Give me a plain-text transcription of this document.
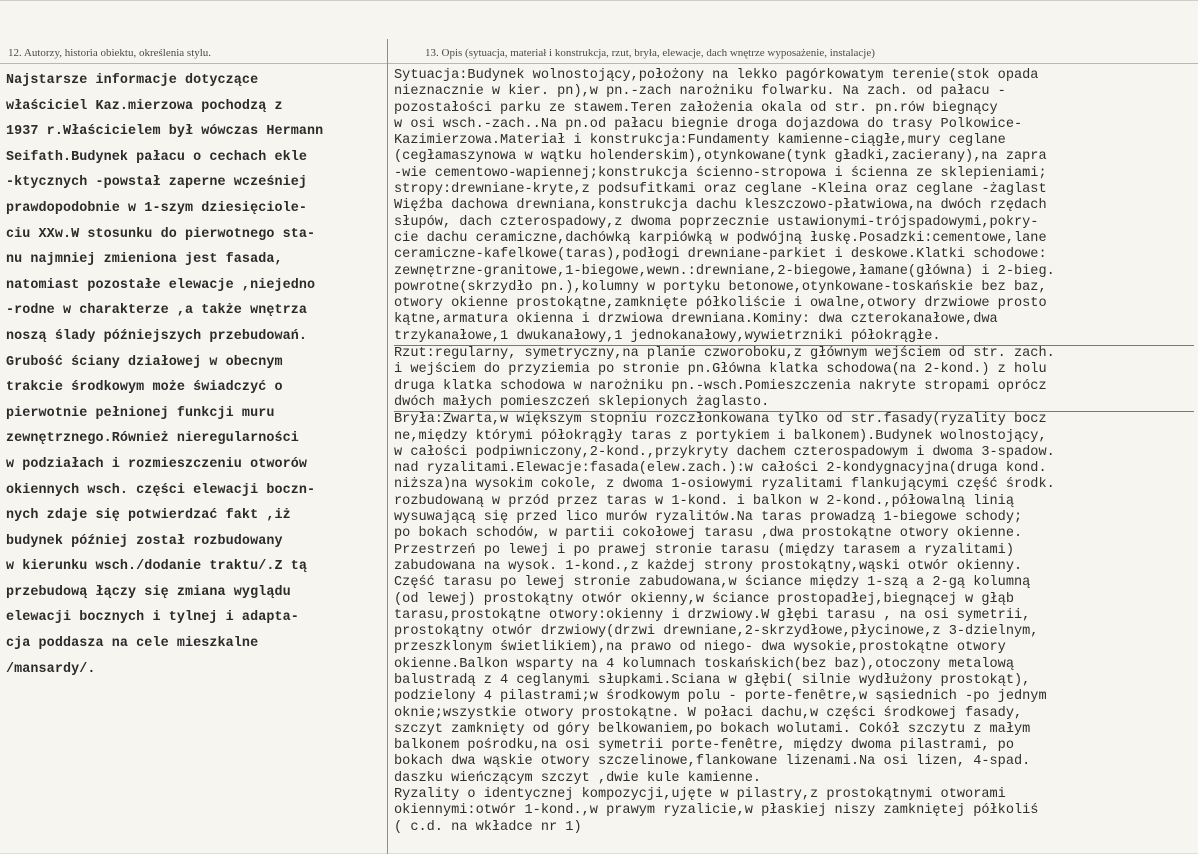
12. Autorzy, historia obiektu, określenia stylu.	13. Opis (sytuacja, materiał i konstrukcja, rzut, bryła, elewacje, dach wnętrze wyposażenie, instalacje)
Najstarsze informacje dotyczące
właściciel Kaz.mierzowa pochodzą z
1937 r.Właścicielem był wówczas Hermann
Seifath.Budynek pałacu o cechach ekle
-ktycznych -powstał zaperne wcześniej
prawdopodobnie w 1-szym dziesięciole-
ciu XXw.W stosunku do pierwotnego sta-
nu najmniej zmieniona jest fasada,
natomiast pozostałe elewacje ,niejedno
-rodne w charakterze ,a także wnętrza
noszą ślady późniejszych przebudowań.
Grubość ściany działowej w obecnym
trakcie środkowym może świadczyć o
pierwotnie pełnionej funkcji muru
zewnętrznego.Również nieregularności
w podziałach i rozmieszczeniu otworów
okiennych wsch. części elewacji boczn-
nych zdaje się potwierdzać fakt ,iż
budynek później został rozbudowany
w kierunku wsch./dodanie traktu/.Z tą
przebudową łączy się zmiana wyglądu
elewacji bocznych i tylnej i adapta-
cja poddasza na cele mieszkalne
/mansardy/.
Sytuacja:Budynek wolnostojący,położony na lekko pagórkowatym terenie(stok opada
nieznacznie w kier. pn),w pn.-zach narożniku folwarku. Na zach. od pałacu -
pozostałości parku ze stawem.Teren założenia okala od str. pn.rów biegnący
w osi wsch.-zach..Na pn.od pałacu biegnie droga dojazdowa do trasy Polkowice-
Kazimierzowa.Materiał i konstrukcja:Fundamenty kamienne-ciągłe,mury ceglane
(cegłamaszynowa w wątku holenderskim),otynkowane(tynk gładki,zacierany),na zapra
-wie cementowo-wapiennej;konstrukcja ścienno-stropowa i ścienna ze sklepieniami;
stropy:drewniane-kryte,z podsufitkami oraz ceglane -Kleina oraz ceglane -żaglast
Więźba dachowa drewniana,konstrukcja dachu kleszczowo-płatwiowa,na dwóch rzędach
słupów, dach czterospadowy,z dwoma poprzecznie ustawionymi-trójspadowymi,pokry-
cie dachu ceramiczne,dachówką karpiówką w podwójną łuskę.Posadzki:cementowe,lane
ceramiczne-kafelkowe(taras),podłogi drewniane-parkiet i deskowe.Klatki schodowe:
zewnętrzne-granitowe,1-biegowe,wewn.:drewniane,2-biegowe,łamane(główna) i 2-bieg.
powrotne(skrzydło pn.),kolumny w portyku betonowe,otynkowane-toskańskie bez baz,
otwory okienne prostokątne,zamknięte półkoliście i owalne,otwory drzwiowe prosto
kątne,armatura okienna i drzwiowa drewniana.Kominy: dwa czterokanałowe,dwa
trzykanałowe,1 dwukanałowy,1 jednokanałowy,wywietrzniki półokrągłe.
Rzut:regularny, symetryczny,na planie czworoboku,z głównym wejściem od str. zach.
i wejściem do przyziemia po stronie pn.Główna klatka schodowa(na 2-kond.) z holu
druga klatka schodowa w narożniku pn.-wsch.Pomieszczenia nakryte stropami oprócz
dwóch małych pomieszczeń sklepionych żaglasto.
Bryła:Zwarta,w większym stopniu rozczłonkowana tylko od str.fasady(ryzality bocz
ne,między którymi półokrągły taras z portykiem i balkonem).Budynek wolnostojący,
w całości podpiwniczony,2-kond.,przykryty dachem czterospadowym i dwoma 3-spadow.
nad ryzalitami.Elewacje:fasada(elew.zach.):w całości 2-kondygnacyjna(druga kond.
niższa)na wysokim cokole, z dwoma 1-osiowymi ryzalitami flankującymi część środk.
rozbudowaną w przód przez taras w 1-kond. i balkon w 2-kond.,półowalną linią
wysuwającą się przed lico murów ryzalitów.Na taras prowadzą 1-biegowe schody;
po bokach schodów, w partii cokołowej tarasu ,dwa prostokątne otwory okienne.
Przestrzeń po lewej i po prawej stronie tarasu (między tarasem a ryzalitami)
zabudowana na wysok. 1-kond.,z każdej strony prostokątny,wąski otwór okienny.
Część tarasu po lewej stronie zabudowana,w ściance między 1-szą a 2-gą kolumną
(od lewej) prostokątny otwór okienny,w ściance prostopadłej,biegnącej w głąb
tarasu,prostokątne otwory:okienny i drzwiowy.W głębi tarasu , na osi symetrii,
prostokątny otwór drzwiowy(drzwi drewniane,2-skrzydłowe,płycinowe,z 3-dzielnym,
przeszklonym świetlikiem),na prawo od niego- dwa wysokie,prostokątne otwory
okienne.Balkon wsparty na 4 kolumnach toskańskich(bez baz),otoczony metalową
balustradą z 4 ceglanymi słupkami.Ściana w głębi( silnie wydłużony prostokąt),
podzielony 4 pilastrami;w środkowym polu - porte-fenêtre,w sąsiednich -po jednym
oknie;wszystkie otwory prostokątne. W połaci dachu,w części środkowej fasady,
szczyt zamknięty od góry belkowaniem,po bokach wolutami. Cokół szczytu z małym
balkonem pośrodku,na osi symetrii porte-fenêtre, między dwoma pilastrami, po
bokach dwa wąskie otwory szczelinowe,flankowane lizenami.Na osi lizen, 4-spad.
daszku wieńczącym szczyt ,dwie kule kamienne.
Ryzality o identycznej kompozycji,ujęte w pilastry,z prostokątnymi otworami
okiennymi:otwór 1-kond.,w prawym ryzalicie,w płaskiej niszy zamkniętej półkoliś
( c.d. na wkładce nr 1)
